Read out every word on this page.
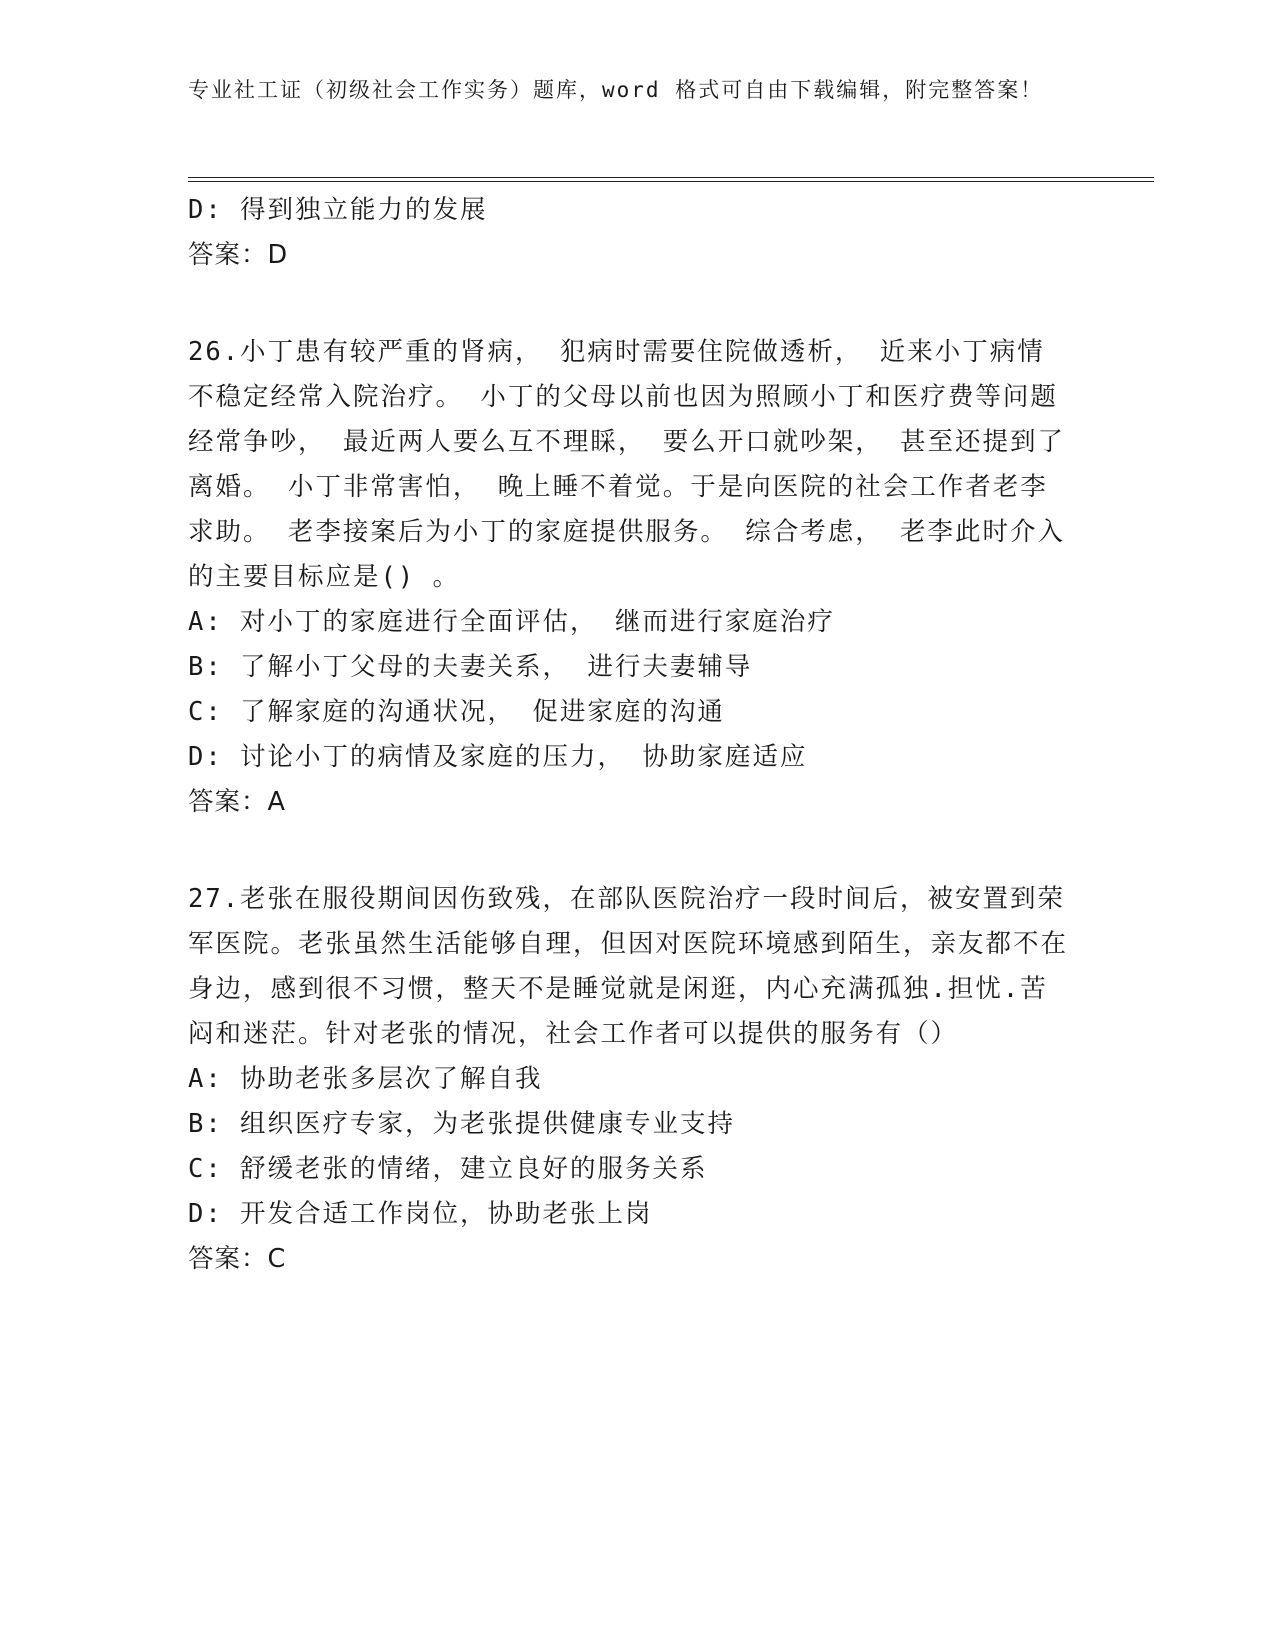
专业社工证（初级社会工作实务）题库，word 格式可自由下载编辑，附完整答案！
D: 得到独立能力的发展
答案：D

26.小丁患有较严重的肾病， 犯病时需要住院做透析， 近来小丁病情不稳定经常入院治疗。 小丁的父母以前也因为照顾小丁和医疗费等问题经常争吵， 最近两人要么互不理睬， 要么开口就吵架， 甚至还提到了离婚。 小丁非常害怕， 晚上睡不着觉。于是向医院的社会工作者老李求助。 老李接案后为小丁的家庭提供服务。 综合考虑， 老李此时介入的主要目标应是() 。

A: 对小丁的家庭进行全面评估， 继而进行家庭治疗
B: 了解小丁父母的夫妻关系， 进行夫妻辅导
C: 了解家庭的沟通状况， 促进家庭的沟通
D: 讨论小丁的病情及家庭的压力， 协助家庭适应
答案：A

27.老张在服役期间因伤致残，在部队医院治疗一段时间后，被安置到荣军医院。老张虽然生活能够自理，但因对医院环境感到陌生，亲友都不在身边，感到很不习惯，整天不是睡觉就是闲逛，内心充满孤独.担忧.苦闷和迷茫。针对老张的情况，社会工作者可以提供的服务有（）

A: 协助老张多层次了解自我
B: 组织医疗专家，为老张提供健康专业支持
C: 舒缓老张的情绪，建立良好的服务关系
D: 开发合适工作岗位，协助老张上岗
答案：C
